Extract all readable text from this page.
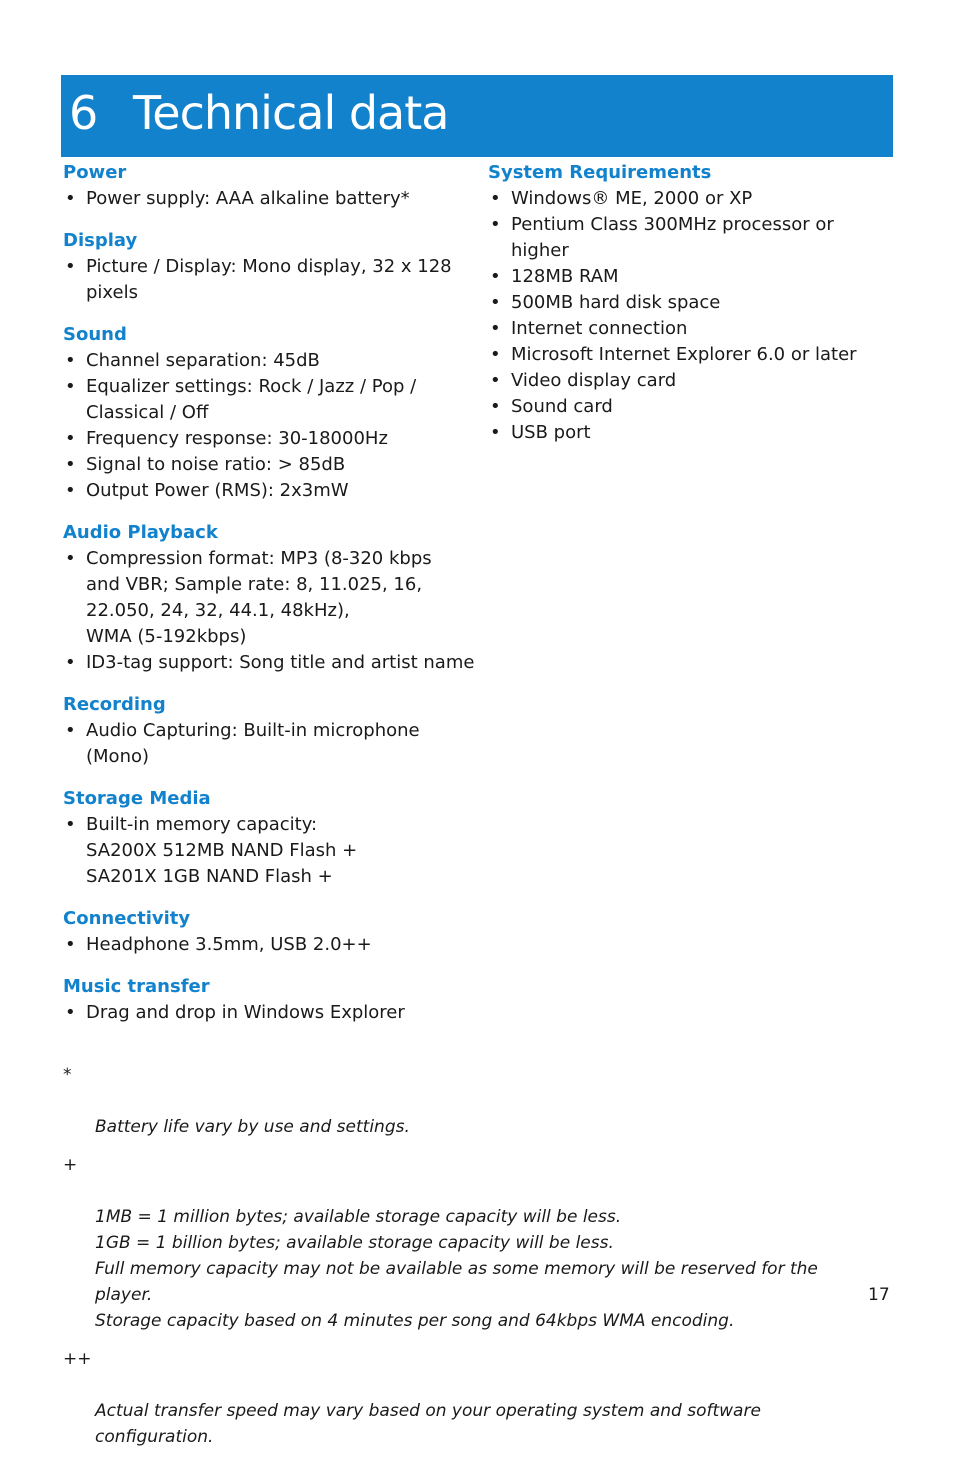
6 Technical data
Power
• Power supply: AAA alkaline battery*
Display
• Picture / Display: Mono display, 32 x 128
pixels
Sound
• Channel separation: 45dB
• Equalizer settings: Rock / Jazz / Pop /
Classical / Off
• Frequency response: 30-18000Hz
• Signal to noise ratio: > 85dB
• Output Power (RMS): 2x3mW
Audio Playback
• Compression format: MP3 (8-320 kbps
and VBR; Sample rate: 8, 11.025, 16,
22.050, 24, 32, 44.1, 48kHz),
WMA (5-192kbps)
• ID3-tag support: Song title and artist name
Recording
• Audio Capturing: Built-in microphone
(Mono)
Storage Media
• Built-in memory capacity:
SA200X 512MB NAND Flash +
SA201X 1GB NAND Flash +
Connectivity
• Headphone 3.5mm, USB 2.0++
Music transfer
• Drag and drop in Windows Explorer
System Requirements
• Windows® ME, 2000 or XP
• Pentium Class 300MHz processor or
higher
• 128MB RAM
• 500MB hard disk space
• Internet connection
• Microsoft Internet Explorer 6.0 or later
• Video display card
• Sound card
• USB port

*

Battery life vary by use and settings.

+

1MB = 1 million bytes; available storage capacity will be less.
1GB = 1 billion bytes; available storage capacity will be less.
Full memory capacity may not be available as some memory will be reserved for the player.
Storage capacity based on 4 minutes per song and 64kbps WMA encoding.

++

Actual transfer speed may vary based on your operating system and software configuration.

17
